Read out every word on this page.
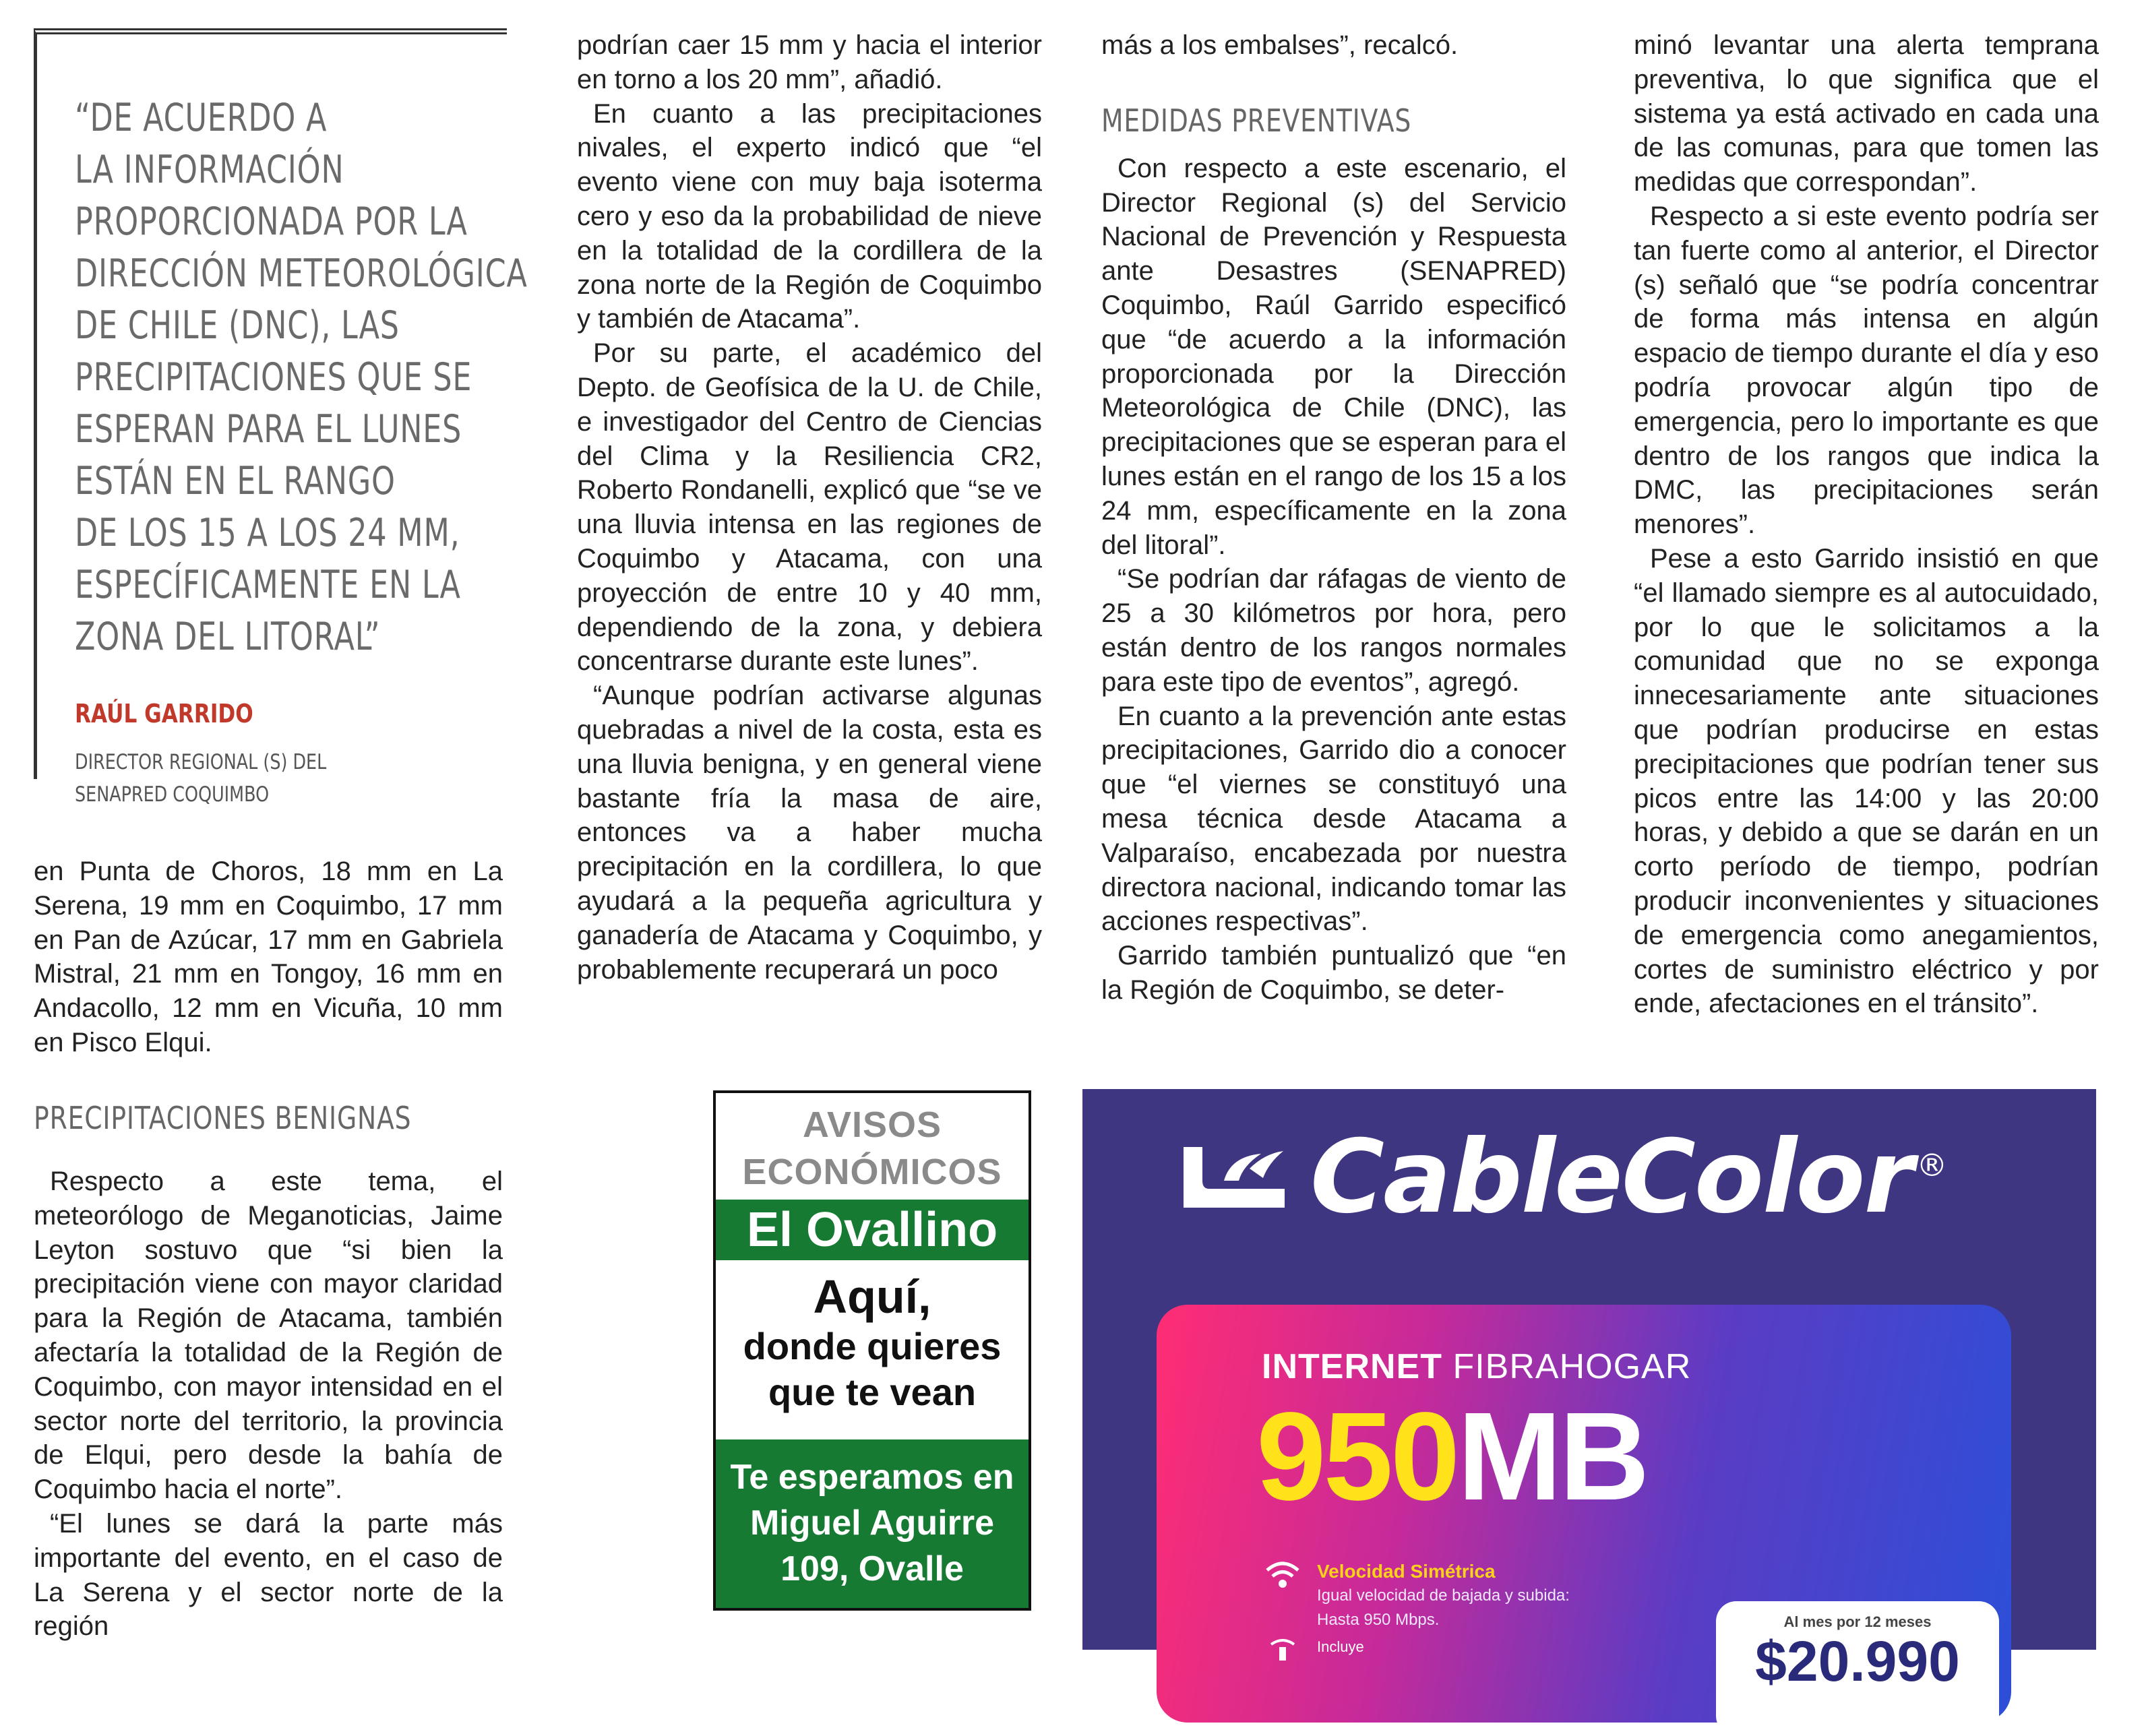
“DE ACUERDO A
LA INFORMACIÓN
PROPORCIONADA POR LA
DIRECCIÓN METEOROLÓGICA
DE CHILE (DNC), LAS
PRECIPITACIONES QUE SE
ESPERAN PARA EL LUNES
ESTÁN EN EL RANGO
DE LOS 15 A LOS 24 MM,
ESPECÍFICAMENTE EN LA
ZONA DEL LITORAL”
RAÚL GARRIDO
DIRECTOR REGIONAL (S) DEL SENAPRED COQUIMBO

en Punta de Choros, 18 mm en La Serena, 19 mm en Coquimbo, 17 mm en Pan de Azúcar, 17 mm en Gabriela Mistral, 21 mm en Tongoy, 16 mm en Andacollo, 12 mm en Vicuña, 10 mm en Pisco Elqui.

PRECIPITACIONES BENIGNAS

Respecto a este tema, el meteorólogo de Meganoticias, Jaime Leyton sostuvo que “si bien la precipitación viene con mayor claridad para la Región de Atacama, también afectaría la totalidad de la Región de Coquimbo, con mayor intensidad en el sector norte del territorio, la provincia de Elqui, pero desde la bahía de Coquimbo hacia el norte”.

“El lunes se dará la parte más importante del evento, en el caso de La Serena y el sector norte de la región

podrían caer 15 mm y hacia el interior en torno a los 20 mm”, añadió.

En cuanto a las precipitaciones nivales, el experto indicó que “el evento viene con muy baja isoterma cero y eso da la probabilidad de nieve en la totalidad de la cordillera de la zona norte de la Región de Coquimbo y también de Atacama”.

Por su parte, el académico del Depto. de Geofísica de la U. de Chile, e investigador del Centro de Ciencias del Clima y la Resiliencia CR2, Roberto Rondanelli, explicó que “se ve una lluvia intensa en las regiones de Coquimbo y Atacama, con una proyección de entre 10 y 40 mm, dependiendo de la zona, y debiera concentrarse durante este lunes”.

“Aunque podrían activarse algunas quebradas a nivel de la costa, esta es una lluvia benigna, y en general viene bastante fría la masa de aire, entonces va a haber mucha precipitación en la cordillera, lo que ayudará a la pequeña agricultura y ganadería de Atacama y Coquimbo, y probablemente recuperará un poco

más a los embalses”, recalcó.

Con respecto a este escenario, el Director Regional (s) del Servicio Nacional de Prevención y Respuesta ante Desastres (SENAPRED) Coquimbo, Raúl Garrido especificó que “de acuerdo a la información proporcionada por la Dirección Meteorológica de Chile (DNC), las precipitaciones que se esperan para el lunes están en el rango de los 15 a los 24 mm, específicamente en la zona del litoral”.

“Se podrían dar ráfagas de viento de 25 a 30 kilómetros por hora, pero están dentro de los rangos normales para este tipo de eventos”, agregó.

En cuanto a la prevención ante estas precipitaciones, Garrido dio a conocer que “el viernes se constituyó una mesa técnica desde Atacama a Valparaíso, encabezada por nuestra directora nacional, indicando tomar las acciones respectivas”.

Garrido también puntualizó que “en la Región de Coquimbo, se deter-

MEDIDAS PREVENTIVAS

minó levantar una alerta temprana preventiva, lo que significa que el sistema ya está activado en cada una de las comunas, para que tomen las medidas que correspondan”.

Respecto a si este evento podría ser tan fuerte como al anterior, el Director (s) señaló que “se podría concentrar de forma más intensa en algún espacio de tiempo durante el día y eso podría provocar algún tipo de emergencia, pero lo importante es que dentro de los rangos que indica la DMC, las precipitaciones serán menores”.

Pese a esto Garrido insistió en que “el llamado siempre es al autocuidado, por lo que le solicitamos a la comunidad que no se exponga innecesariamente ante situaciones que podrían producirse en estas precipitaciones que podrían tener sus picos entre las 14:00 y las 20:00 horas, y debido a que se darán en un corto período de tiempo, podrían producir inconvenientes y situaciones de emergencia como anegamientos, cortes de suministro eléctrico y por ende, afectaciones en el tránsito”.

AVISOS
ECONÓMICOS
El Ovallino
Aquí,
donde quieres
que te vean
Te esperamos en
Miguel Aguirre
109, Ovalle
CableColor ®
INTERNET FIBRAHOGAR
950MB
Velocidad Simétrica
Igual velocidad de bajada y subida:
Hasta 950 Mbps.
Incluye
Al mes por 12 meses
$20.990
